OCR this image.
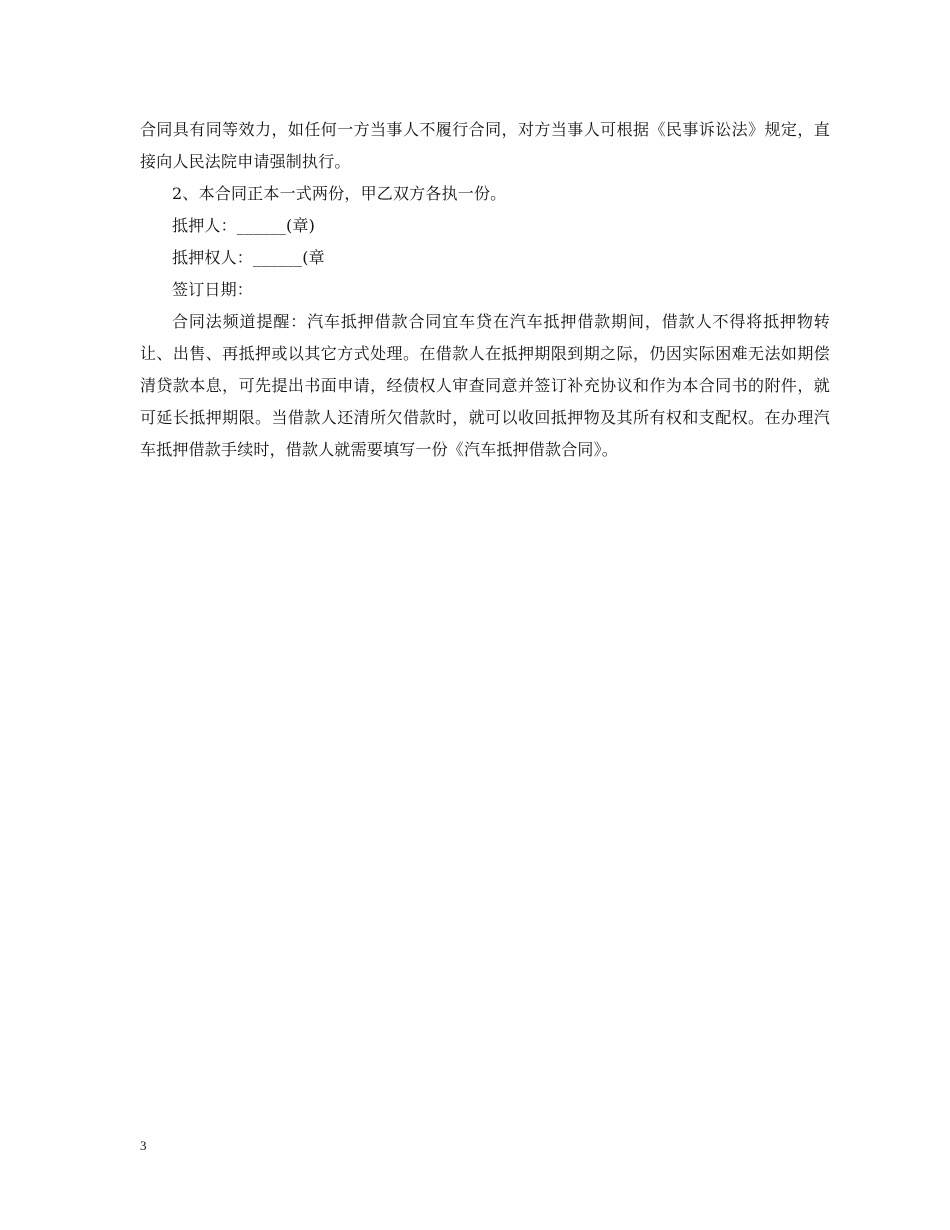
合同具有同等效力，如任何一方当事人不履行合同，对方当事人可根据《民事诉讼法》规定，直接向人民法院申请强制执行。

2、本合同正本一式两份，甲乙双方各执一份。

抵押人：______(章)

抵押权人：______(章

签订日期：

合同法频道提醒：汽车抵押借款合同宜车贷在汽车抵押借款期间，借款人不得将抵押物转让、出售、再抵押或以其它方式处理。在借款人在抵押期限到期之际，仍因实际困难无法如期偿清贷款本息，可先提出书面申请，经债权人审查同意并签订补充协议和作为本合同书的附件，就可延长抵押期限。当借款人还清所欠借款时，就可以收回抵押物及其所有权和支配权。在办理汽车抵押借款手续时，借款人就需要填写一份《汽车抵押借款合同》。

3
